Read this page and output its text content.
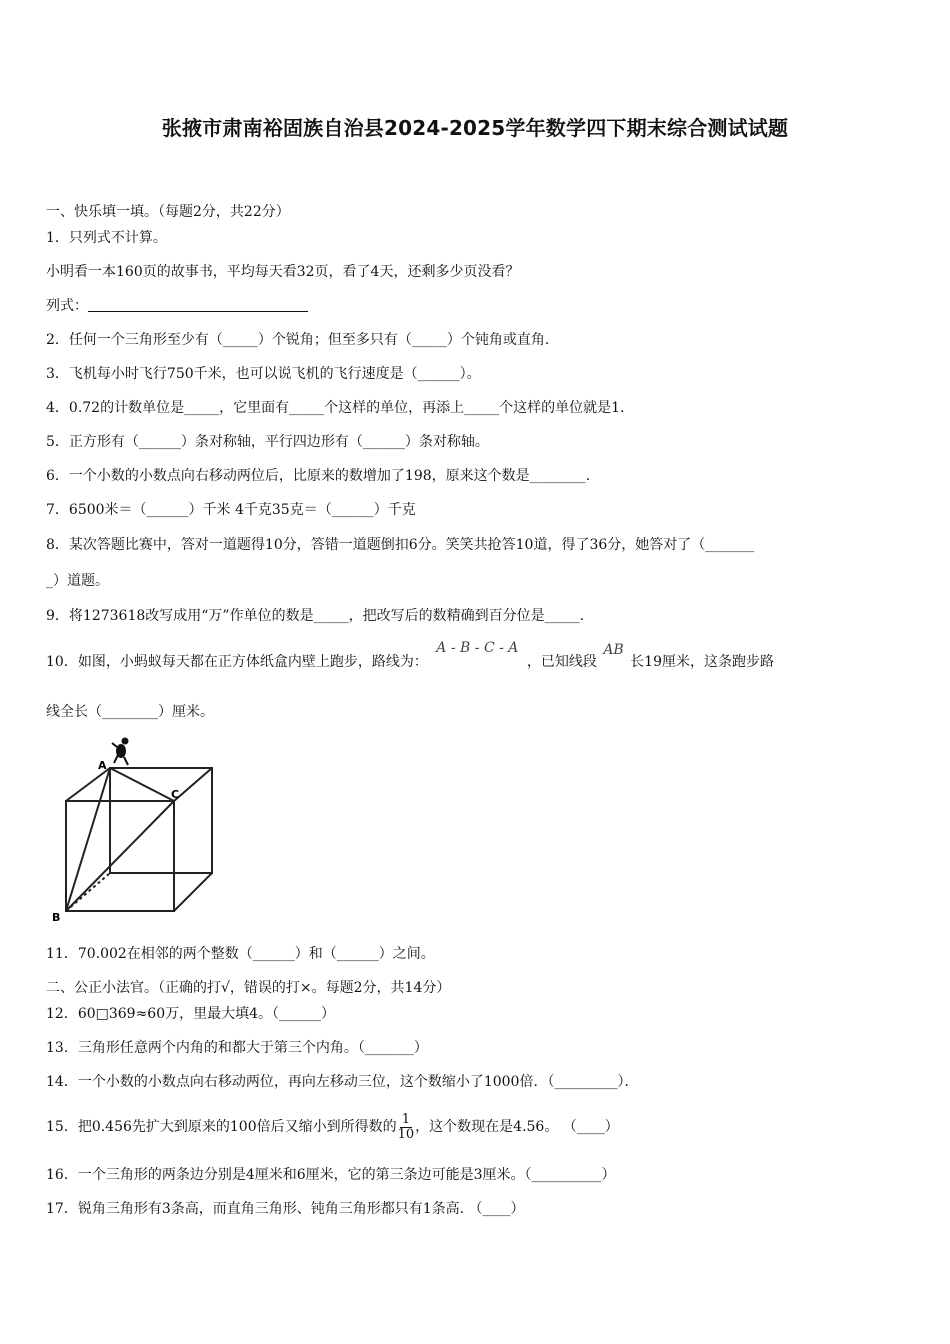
张掖市肃南裕固族自治县2024-2025学年数学四下期末综合测试试题
一、快乐填一填。（每题2分，共22分）
1．只列式不计算。
小明看一本160页的故事书，平均每天看32页，看了4天，还剩多少页没看？
列式：
2．任何一个三角形至少有（_____）个锐角；但至多只有（_____）个钝角或直角.
3．飞机每小时飞行750千米，也可以说飞机的飞行速度是（______）。
4．0.72的计数单位是_____，它里面有_____个这样的单位，再添上_____个这样的单位就是1.
5．正方形有（______）条对称轴，平行四边形有（______）条对称轴。
6．一个小数的小数点向右移动两位后，比原来的数增加了198，原来这个数是________.
7．6500米＝（______）千米 4千克35克＝（______）千克
8．某次答题比赛中，答对一道题得10分，答错一道题倒扣6分。笑笑共抢答10道，得了36分，她答对了（_______
_）道题。
9．将1273618改写成用“万”作单位的数是_____，把改写后的数精确到百分位是_____.
10．如图，小蚂蚁每天都在正方体纸盒内壁上跑步，路线为： A - B - C - A ，已知线段 AB 长19厘米，这条跑步路
线全长（________）厘米。
A
B
C
11．70.002在相邻的两个整数（______）和（______）之间。
二、公正小法官。（正确的打√，错误的打×。每题2分，共14分）
12．60□369≈60万，里最大填4。（______）
13．三角形任意两个内角的和都大于第三个内角。（_______）
14．一个小数的小数点向右移动两位，再向左移动三位，这个数缩小了1000倍．（_________）．
15．把0.456先扩大到原来的100倍后又缩小到所得数的 $\frac{1}{10}$ ，这个数现在是4.56。 （____）
16．一个三角形的两条边分别是4厘米和6厘米，它的第三条边可能是3厘米。（__________）
17．锐角三角形有3条高，而直角三角形、钝角三角形都只有1条高. （____）
